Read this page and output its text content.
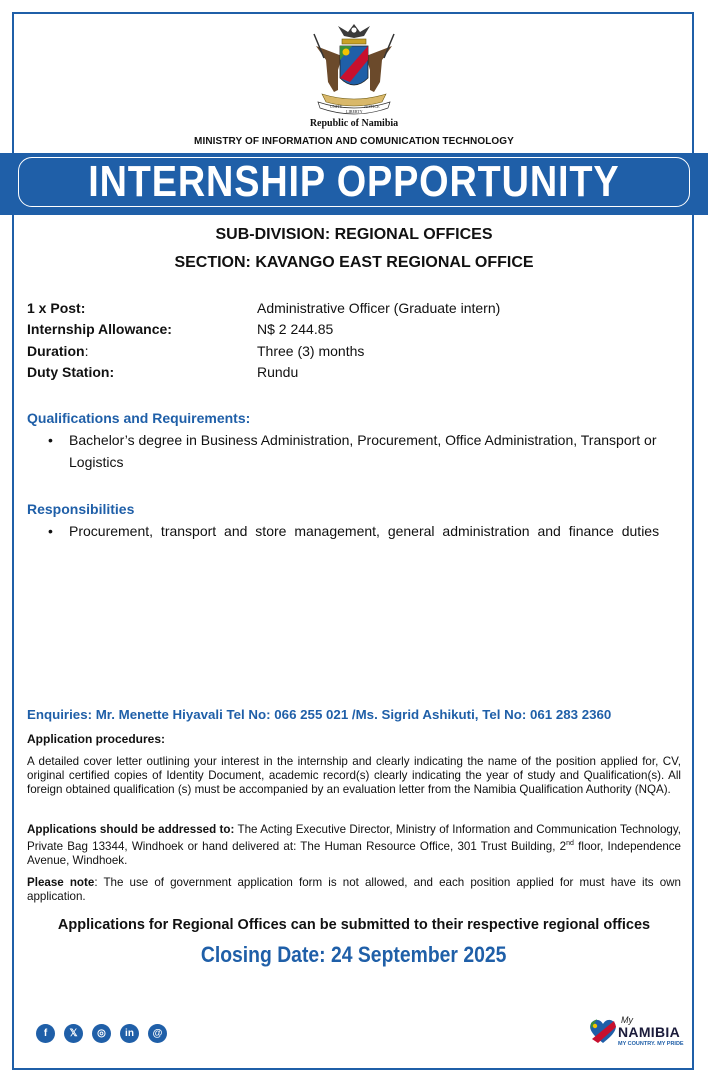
UNITY
LIBERTY
JUSTICE
Republic of Namibia
MINISTRY OF INFORMATION AND COMUNICATION TECHNOLOGY
INTERNSHIP OPPORTUNITY
SUB-DIVISION: REGIONAL OFFICES
SECTION: KAVANGO EAST REGIONAL OFFICE
1 x Post:	Administrative Officer (Graduate intern)
Internship Allowance:	N$ 2 244.85
Duration:	Three (3) months
Duty Station:	Rundu
Qualifications and Requirements:
• Bachelor’s degree in Business Administration, Procurement, Office Administration, Transport or Logistics
Responsibilities
• Procurement, transport and store management, general administration and finance duties
Enquiries: Mr. Menette Hiyavali Tel No: 066 255 021 /Ms. Sigrid Ashikuti, Tel No: 061 283 2360
Application procedures:
A detailed cover letter outlining your interest in the internship and clearly indicating the name of the position applied for, CV, original certified copies of Identity Document, academic record(s) clearly indicating the year of study and Qualification(s). All foreign obtained qualification (s) must be accompanied by an evaluation letter from the Namibia Qualification Authority (NQA).
Applications should be addressed to: The Acting Executive Director, Ministry of Information and Communication Technology, Private Bag 13344, Windhoek or hand delivered at: The Human Resource Office, 301 Trust Building, 2nd floor, Independence Avenue, Windhoek.
Please note: The use of government application form is not allowed, and each position applied for must have its own application.
Applications for Regional Offices can be submitted to their respective regional offices
Closing Date: 24 September 2025
f	𝕏	◎	in	@
My
NAMIBIA
MY COUNTRY. MY PRIDE
